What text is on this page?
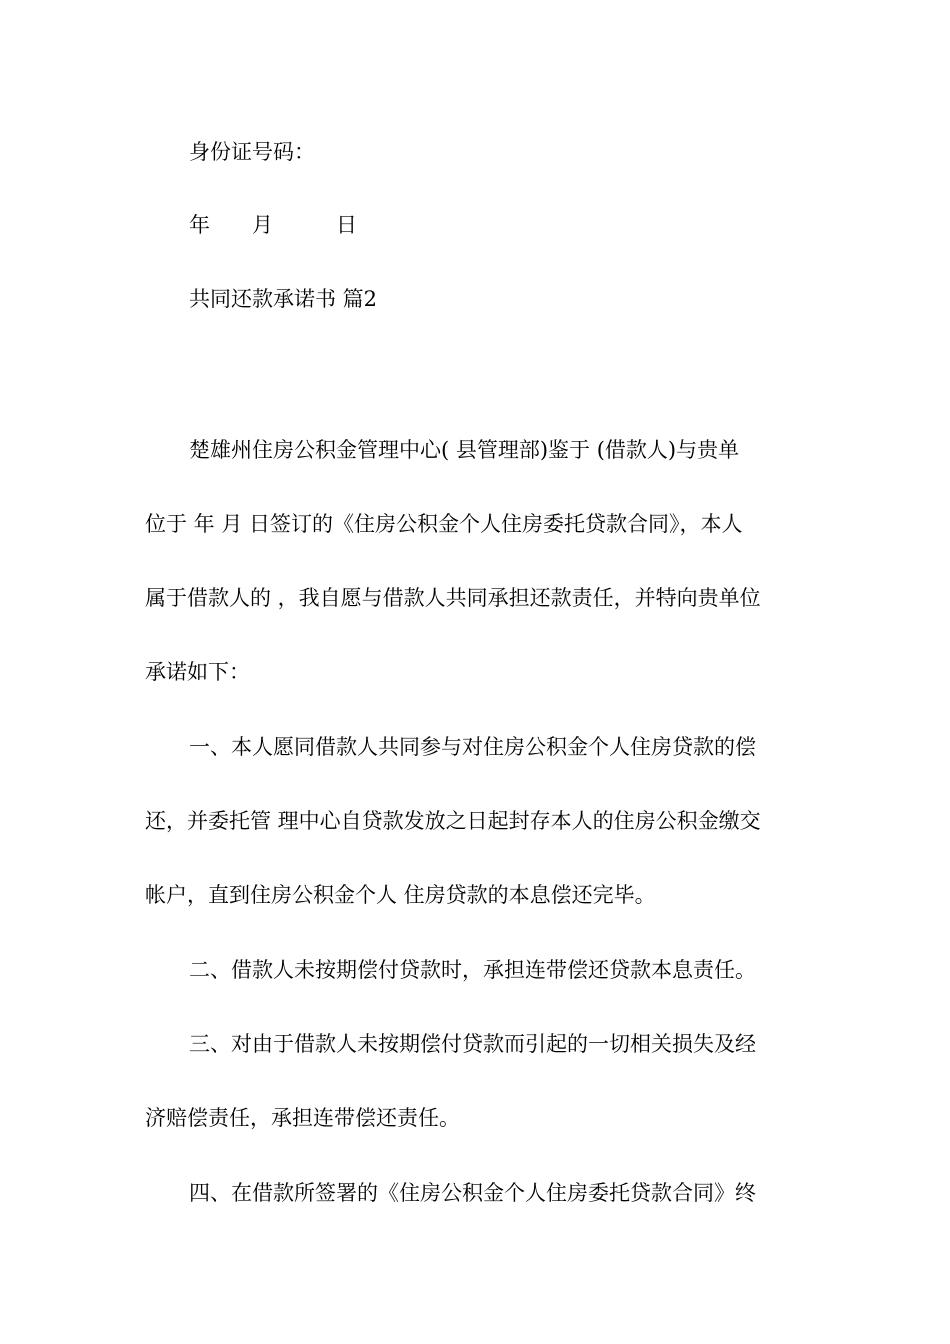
身份证号码：
年　　月　　　日
共同还款承诺书 篇2
楚雄州住房公积金管理中心( 县管理部)鉴于 (借款人)与贵单
位于 年 月 日签订的《住房公积金个人住房委托贷款合同》，本人
属于借款人的 ，我自愿与借款人共同承担还款责任，并特向贵单位
承诺如下：
一、本人愿同借款人共同参与对住房公积金个人住房贷款的偿
还，并委托管 理中心自贷款发放之日起封存本人的住房公积金缴交
帐户，直到住房公积金个人 住房贷款的本息偿还完毕。
二、借款人未按期偿付贷款时，承担连带偿还贷款本息责任。
三、对由于借款人未按期偿付贷款而引起的一切相关损失及经
济赔偿责任，承担连带偿还责任。
四、在借款所签署的《住房公积金个人住房委托贷款合同》终
